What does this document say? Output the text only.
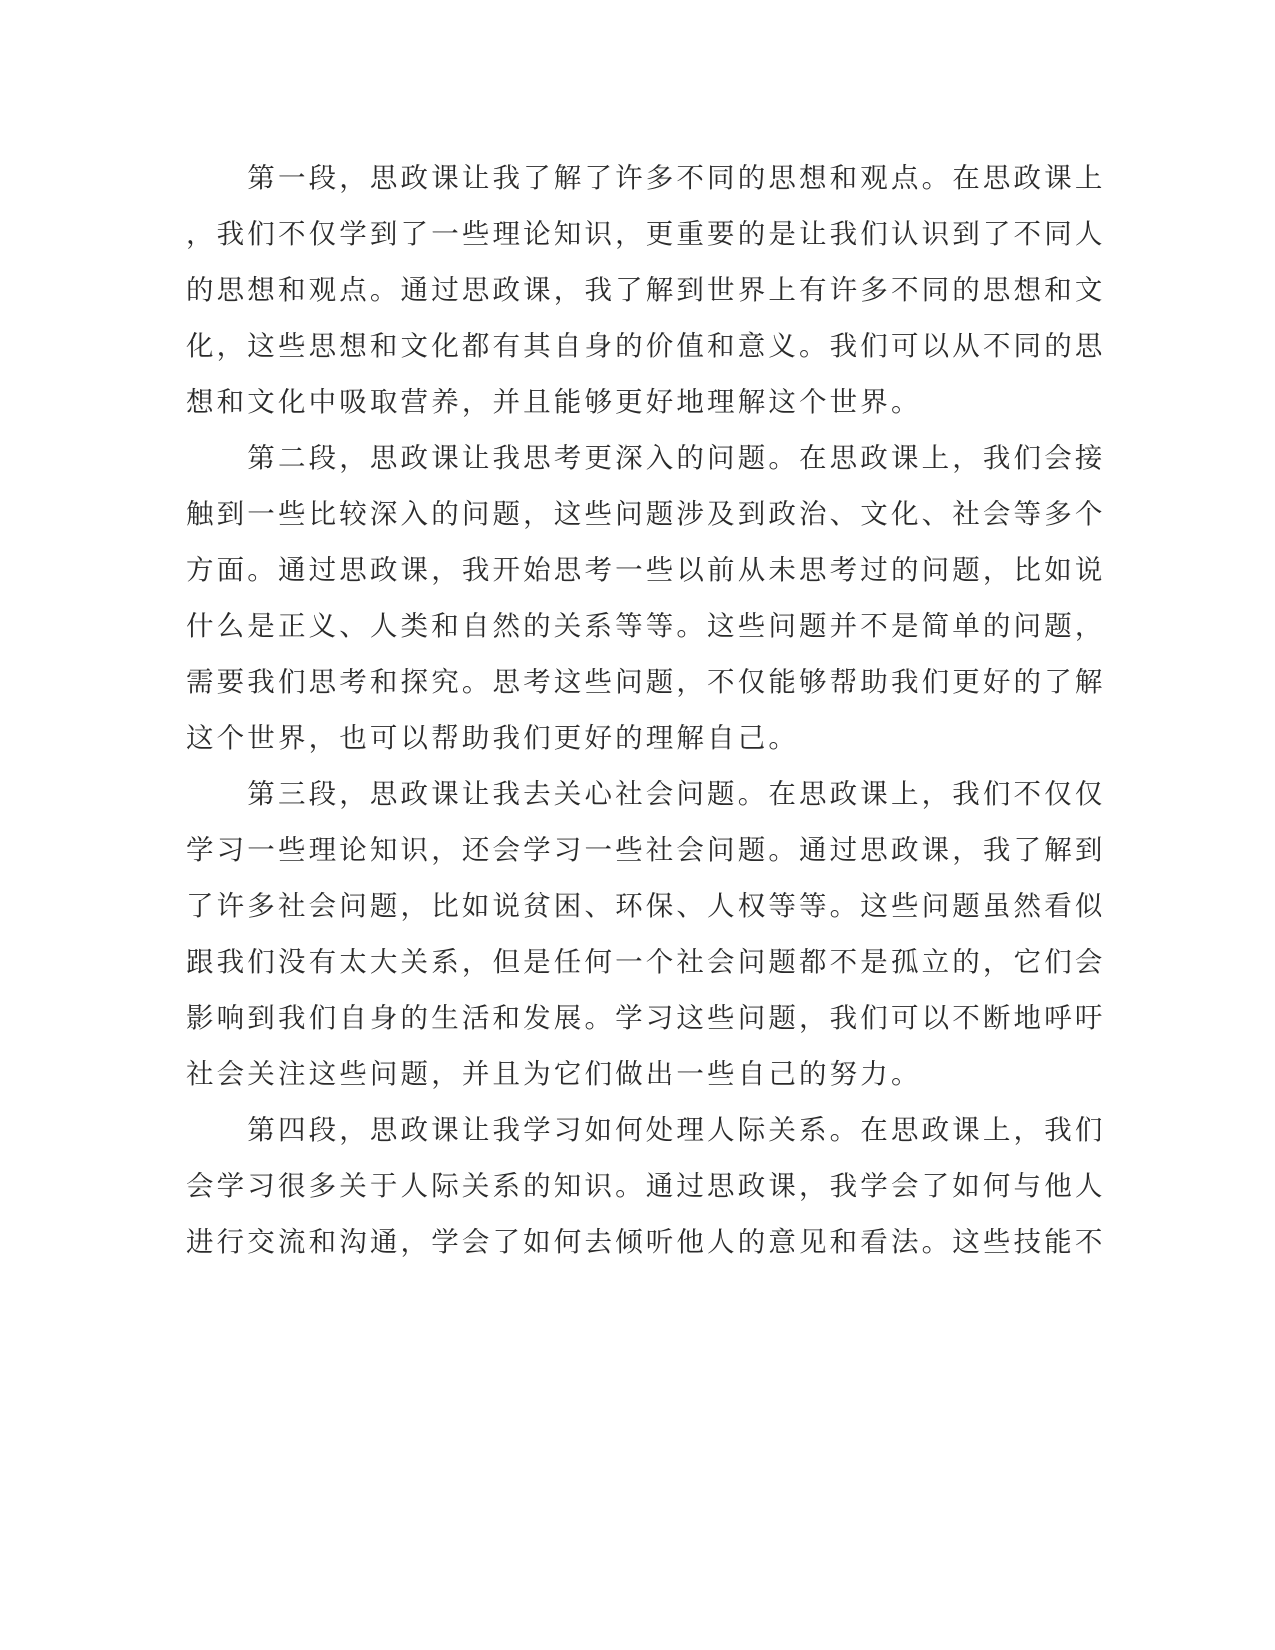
　　第一段，思政课让我了解了许多不同的思想和观点。在思政课上
，我们不仅学到了一些理论知识，更重要的是让我们认识到了不同人
的思想和观点。通过思政课，我了解到世界上有许多不同的思想和文
化，这些思想和文化都有其自身的价值和意义。我们可以从不同的思
想和文化中吸取营养，并且能够更好地理解这个世界。
　　第二段，思政课让我思考更深入的问题。在思政课上，我们会接
触到一些比较深入的问题，这些问题涉及到政治、文化、社会等多个
方面。通过思政课，我开始思考一些以前从未思考过的问题，比如说
什么是正义、人类和自然的关系等等。这些问题并不是简单的问题，
需要我们思考和探究。思考这些问题，不仅能够帮助我们更好的了解
这个世界，也可以帮助我们更好的理解自己。
　　第三段，思政课让我去关心社会问题。在思政课上，我们不仅仅
学习一些理论知识，还会学习一些社会问题。通过思政课，我了解到
了许多社会问题，比如说贫困、环保、人权等等。这些问题虽然看似
跟我们没有太大关系，但是任何一个社会问题都不是孤立的，它们会
影响到我们自身的生活和发展。学习这些问题，我们可以不断地呼吁
社会关注这些问题，并且为它们做出一些自己的努力。
　　第四段，思政课让我学习如何处理人际关系。在思政课上，我们
会学习很多关于人际关系的知识。通过思政课，我学会了如何与他人
进行交流和沟通，学会了如何去倾听他人的意见和看法。这些技能不
